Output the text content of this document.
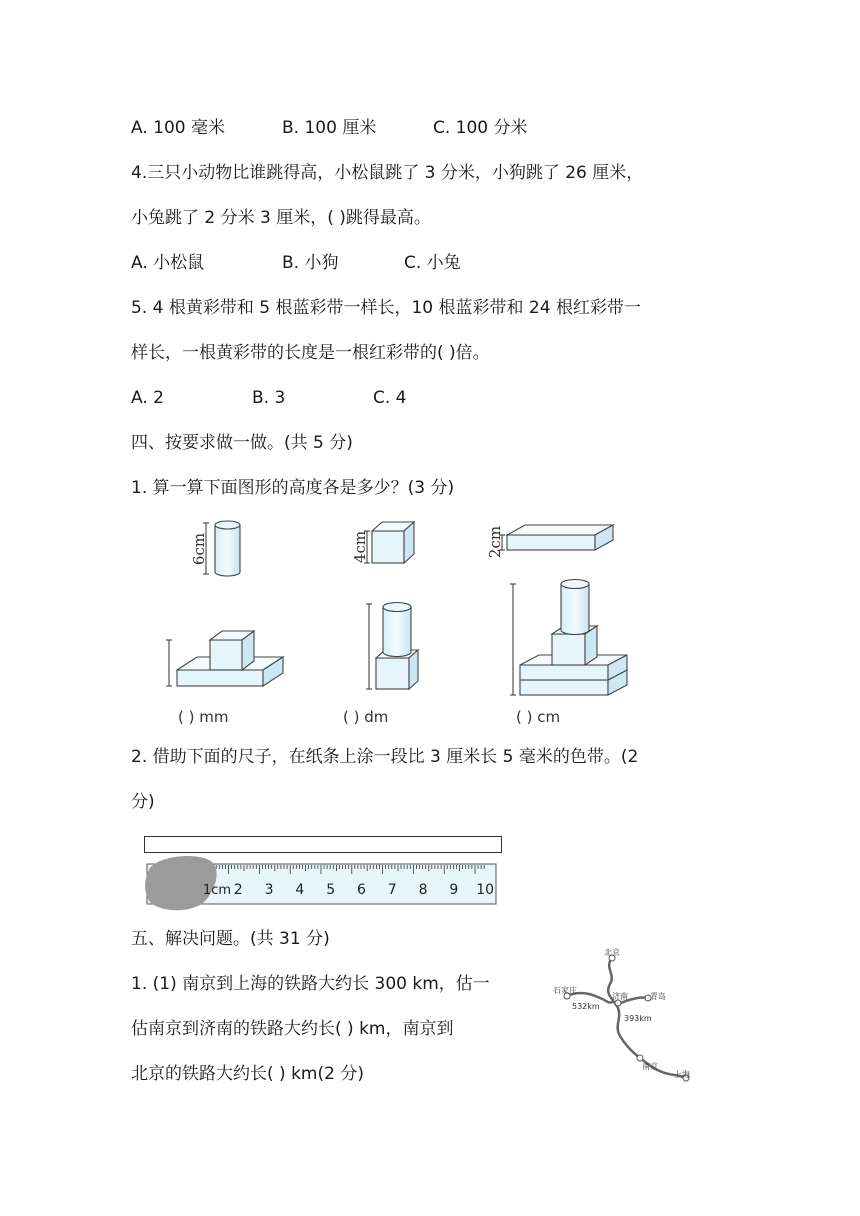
A. 100 毫米	B. 100 厘米	C. 100 分米
4.三只小动物比谁跳得高，小松鼠跳了 3 分米，小狗跳了 26 厘米，
小兔跳了 2 分米 3 厘米，( )跳得最高。
A. 小松鼠	B. 小狗	C. 小兔
5. 4 根黄彩带和 5 根蓝彩带一样长，10 根蓝彩带和 24 根红彩带一
样长，一根黄彩带的长度是一根红彩带的( )倍。
A. 2	B. 3	C. 4
四、按要求做一做。(共 5 分)
1. 算一算下面图形的高度各是多少？(3 分)
6cm	4cm	2cm
( ) mm	( ) dm	( ) cm
2. 借助下面的尺子，在纸条上涂一段比 3 厘米长 5 毫米的色带。(2
分)
1cm 2 3 4 5 6 7 8 9 10
五、解决问题。(共 31 分)
1. (1) 南京到上海的铁路大约长 300 km，估一
估南京到济南的铁路大约长( ) km，南京到
北京的铁路大约长( ) km(2 分)
北京
石家庄
济南	青岛
南京
上海
532km
393km
